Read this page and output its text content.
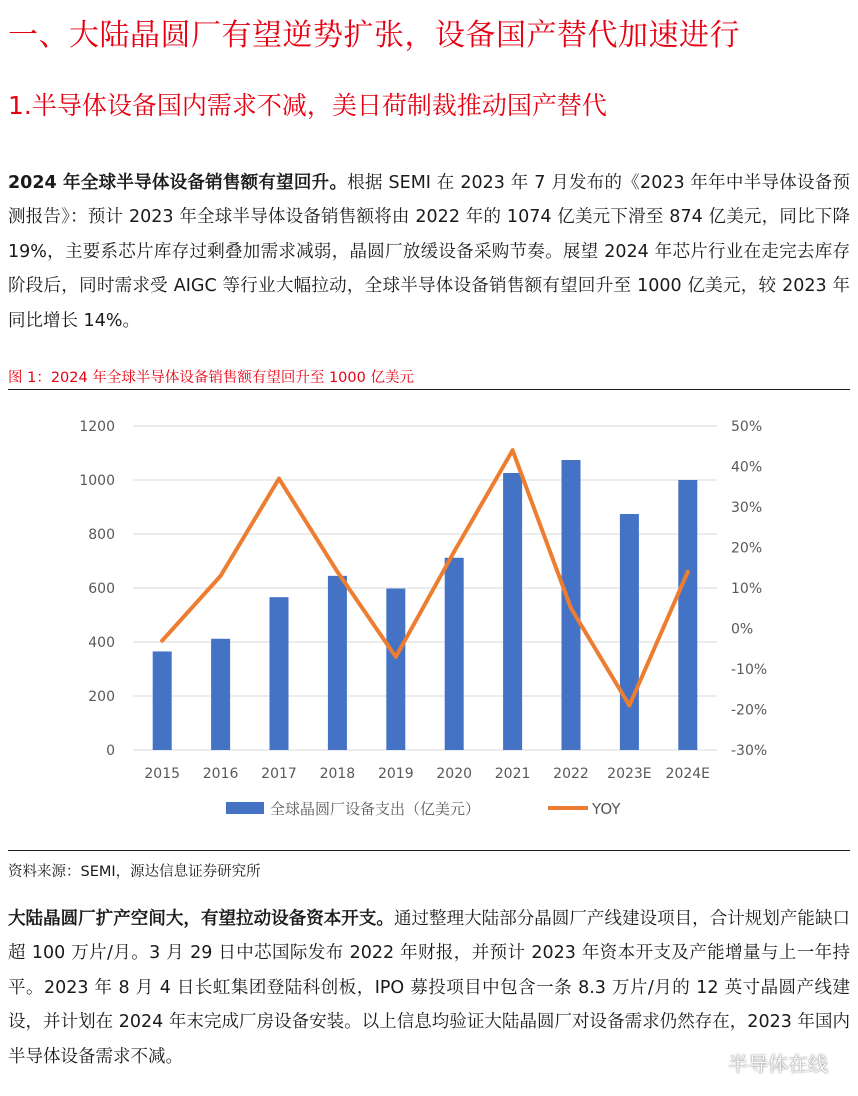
一、大陆晶圆厂有望逆势扩张，设备国产替代加速进行
1.半导体设备国内需求不减，美日荷制裁推动国产替代

2024 年全球半导体设备销售额有望回升。根据 SEMI 在 2023 年 7 月发布的《2023 年年中半导体设备预测报告》：预计 2023 年全球半导体设备销售额将由 2022 年的 1074 亿美元下滑至 874 亿美元，同比下降 19%，主要系芯片库存过剩叠加需求减弱，晶圆厂放缓设备采购节奏。展望 2024 年芯片行业在走完去库存阶段后，同时需求受 AIGC 等行业大幅拉动，全球半导体设备销售额有望回升至 1000 亿美元，较 2023 年同比增长 14%。

图 1：2024 年全球半导体设备销售额有望回升至 1000 亿美元

0
200
400
600
800
1000
1200
-30%
-20%
-10%
0%
10%
20%
30%
40%
50%
2015 2016 2017 2018 2019 2020 2021 2022 2023E 2024E
全球晶圆厂设备支出（亿美元）	YOY

资料来源：SEMI，源达信息证券研究所

大陆晶圆厂扩产空间大，有望拉动设备资本开支。通过整理大陆部分晶圆厂产线建设项目，合计规划产能缺口超 100 万片/月。3 月 29 日中芯国际发布 2022 年财报，并预计 2023 年资本开支及产能增量与上一年持平。2023 年 8 月 4 日长虹集团登陆科创板，IPO 募投项目中包含一条 8.3 万片/月的 12 英寸晶圆产线建设，并计划在 2024 年末完成厂房设备安装。以上信息均验证大陆晶圆厂对设备需求仍然存在，2023 年国内半导体设备需求不减。	半导体在线
